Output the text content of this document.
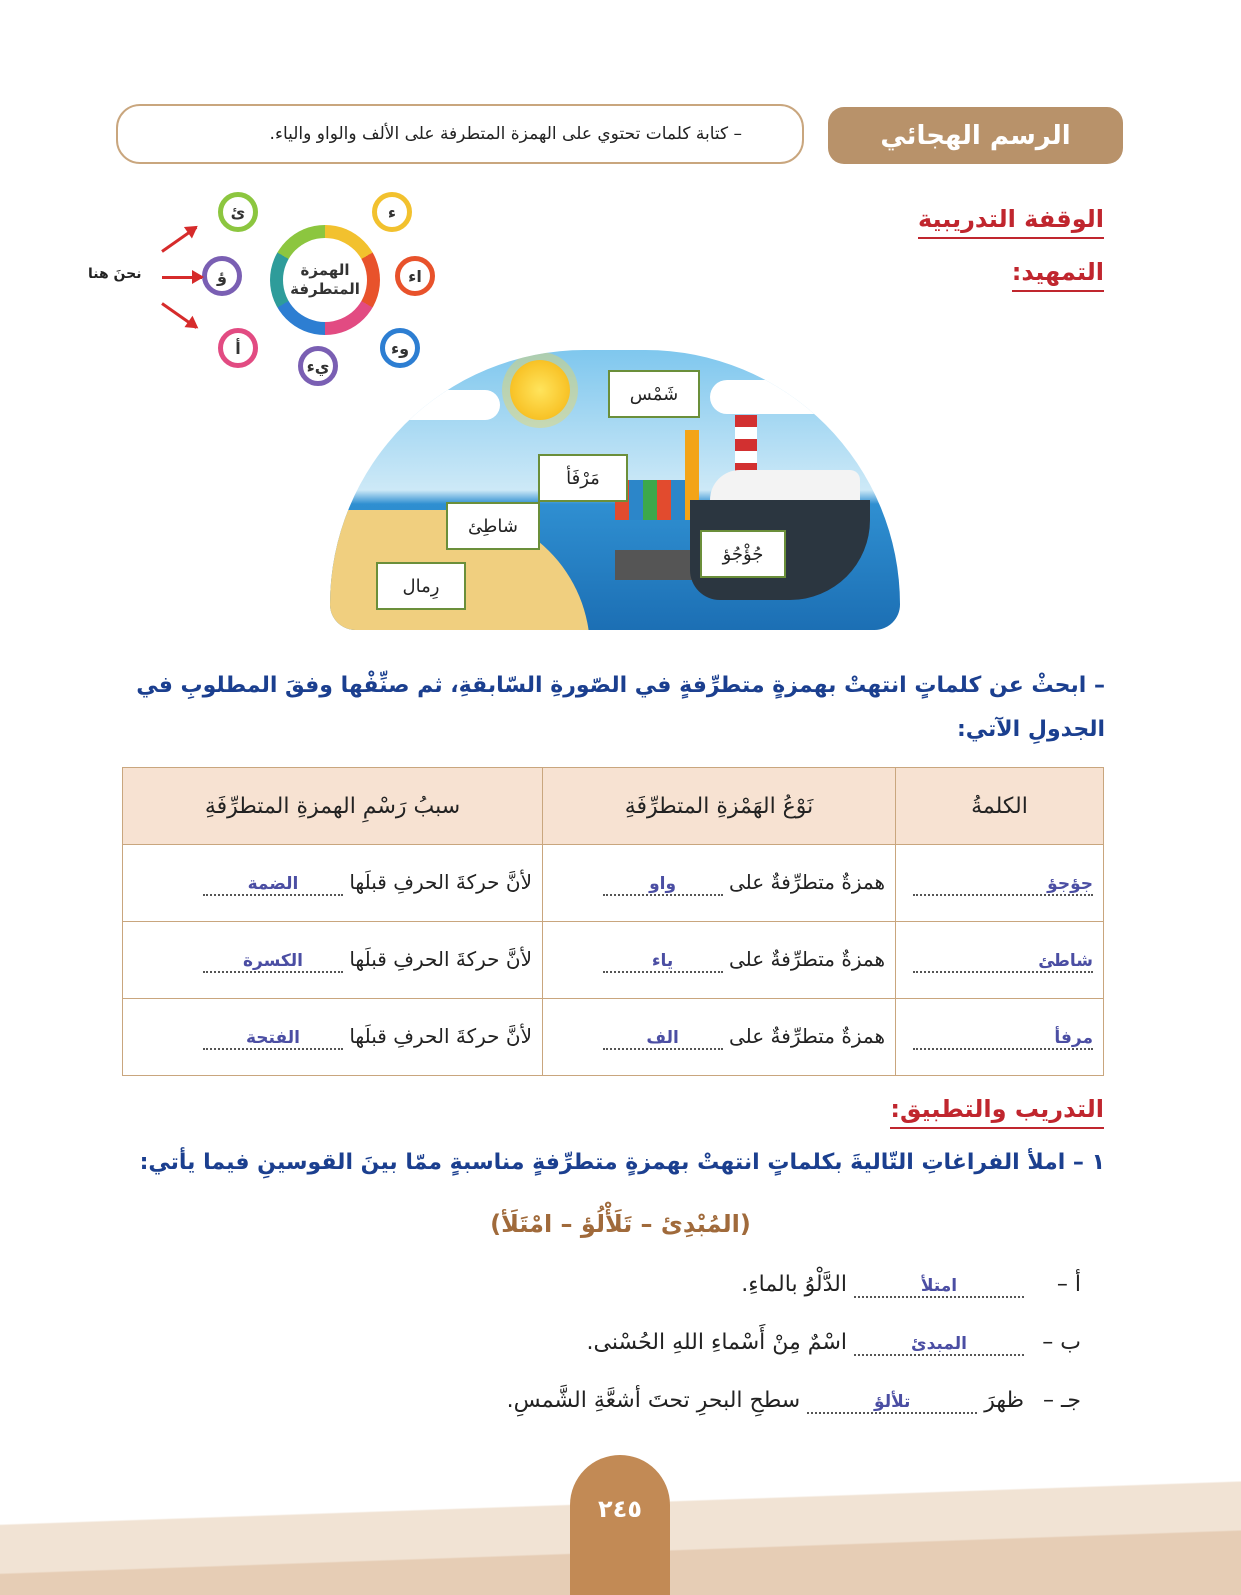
الرسم الهجائي
– كتابة كلمات تحتوي على الهمزة المتطرفة على الألف والواو والياء.
الوقفة التدريبية
التمهيد:
الهمزة
المتطرفة
ء
اء
وء
يء
أ
ؤ
ئ
نحنَ هنا
شَمْس
مَرْفَأ
شاطِئ
جُؤْجُؤ
رِمال
– ابحثْ عن كلماتٍ انتهتْ بهمزةٍ متطرِّفةٍ في الصّورةِ السّابقةِ، ثم صنِّفْها وفقَ المطلوبِ في الجدولِ الآتي:
الكلمةُ	نَوْعُ الهَمْزةِ المتطرِّفَةِ	سببُ رَسْمِ الهمزةِ المتطرِّفَةِ
جؤجؤ	همزةٌ متطرِّفةٌ على واو	لأنَّ حركةَ الحرفِ قبلَها الضمة
شاطئ	همزةٌ متطرِّفةٌ على ياء	لأنَّ حركةَ الحرفِ قبلَها الكسرة
مرفأ	همزةٌ متطرِّفةٌ على الف	لأنَّ حركةَ الحرفِ قبلَها الفتحة
التدريب والتطبيق:
١ – املأ الفراغاتِ التّاليةَ بكلماتٍ انتهتْ بهمزةٍ متطرِّفةٍ مناسبةٍ ممّا بينَ القوسينِ فيما يأتي:
(المُبْدِئ – تَلَأْلُؤ – امْتَلَأ)
أ – امتلأ الدَّلْوُ بالماءِ.
ب – المبدئ اسْمٌ مِنْ أَسْماءِ اللهِ الحُسْنى.
جـ – ظهرَ تلألؤ سطحِ البحرِ تحتَ أشعَّةِ الشَّمسِ.
٢٤٥
